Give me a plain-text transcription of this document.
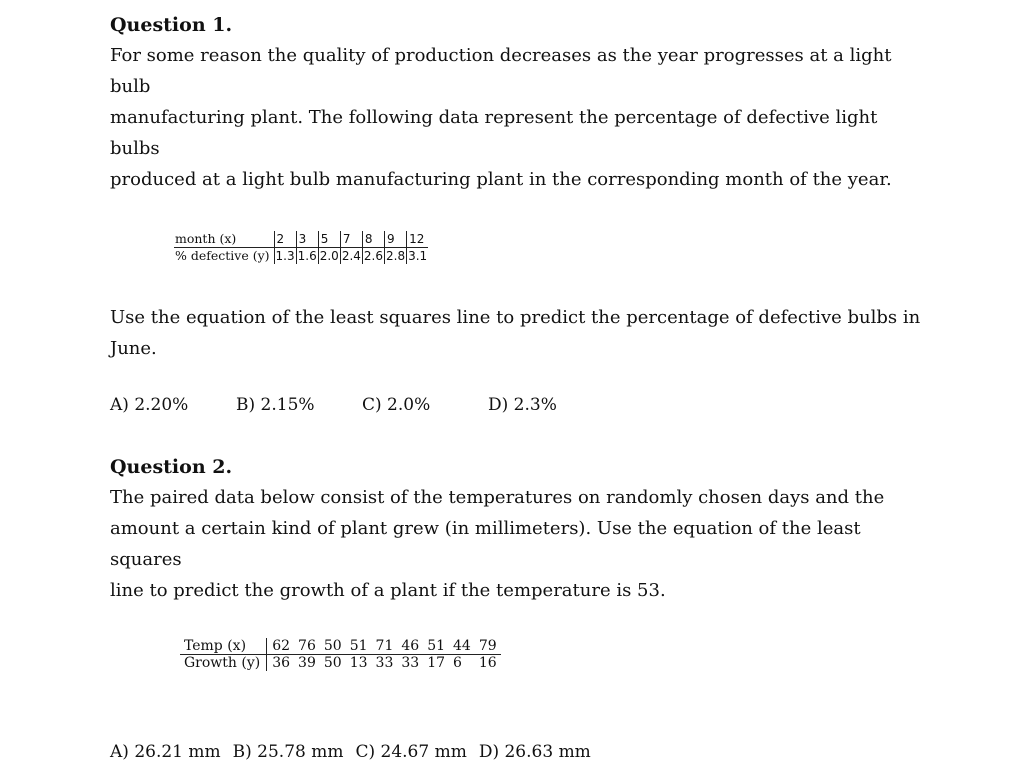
Question 1.

For some reason the quality of production decreases as the year progresses at a light bulb

manufacturing plant. The following data represent the percentage of defective light bulbs

produced at a light bulb manufacturing plant in the corresponding month of the year.

month (x)		2	3	5	7	8	9	12
% defective (y)		1.3	1.6	2.0	2.4	2.6	2.8	3.1

Use the equation of the least squares line to predict the percentage of defective bulbs in

June.

A) 2.20%	B) 2.15%	C) 2.0%	D) 2.3%

Question 2.

The paired data below consist of the temperatures on randomly chosen days and the

amount a certain kind of plant grew (in millimeters). Use the equation of the least squares

line to predict the growth of a plant if the temperature is 53.

Temp (x)	62	76	50	51	71	46	51	44	79
Growth (y)	36	39	50	13	33	33	17	6	16
A) 26.21 mm B) 25.78 mm C) 24.67 mm D) 26.63 mm
